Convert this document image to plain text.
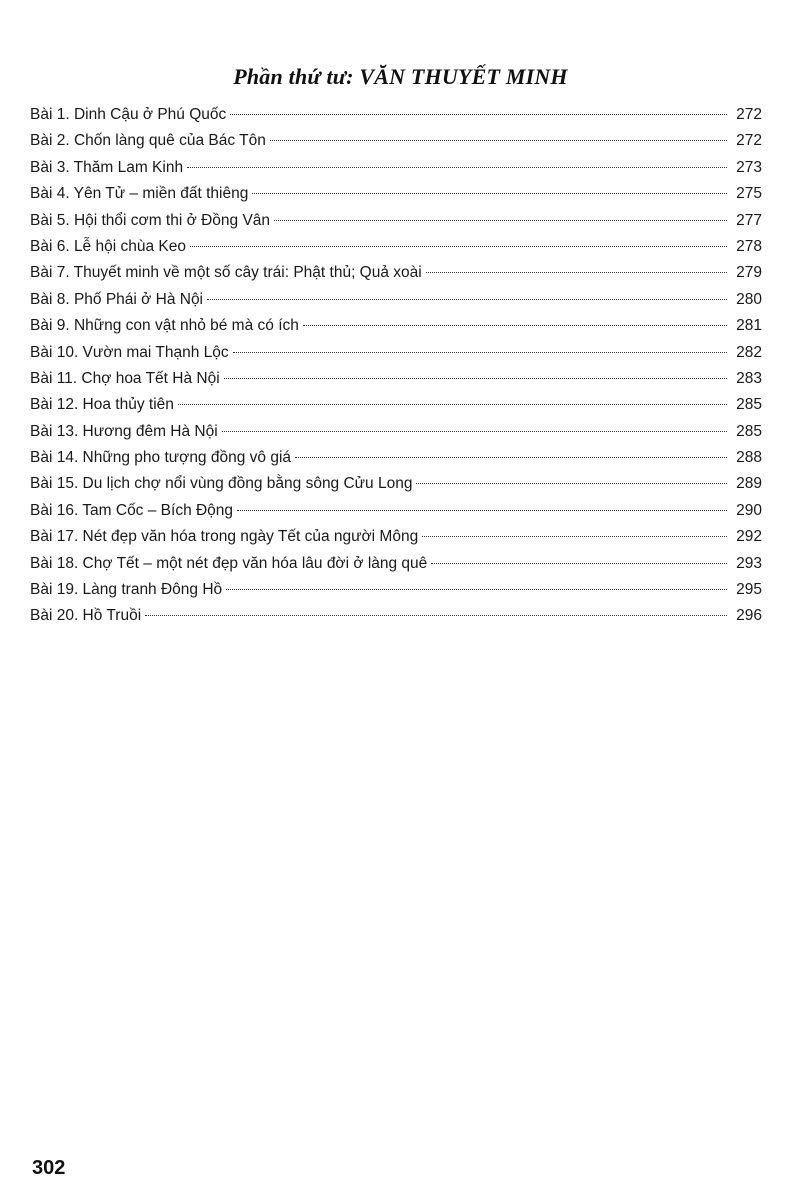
Phần thứ tư: VĂN THUYẾT MINH
Bài 1. Dinh Cậu ở Phú Quốc	272
Bài 2. Chốn làng quê của Bác Tôn	272
Bài 3. Thăm Lam Kinh	273
Bài 4. Yên Tử – miền đất thiêng	275
Bài 5. Hội thổi cơm thi ở Đồng Vân	277
Bài 6. Lễ hội chùa Keo	278
Bài 7. Thuyết minh về một số cây trái: Phật thủ; Quả xoài	279
Bài 8. Phố Phái ở Hà Nội	280
Bài 9. Những con vật nhỏ bé mà có ích	281
Bài 10. Vườn mai Thạnh Lộc	282
Bài 11. Chợ hoa Tết Hà Nội	283
Bài 12. Hoa thủy tiên	285
Bài 13. Hương đêm Hà Nội	285
Bài 14. Những pho tượng đồng vô giá	288
Bài 15. Du lịch chợ nổi vùng đồng bằng sông Cửu Long	289
Bài 16. Tam Cốc – Bích Động	290
Bài 17. Nét đẹp văn hóa trong ngày Tết của người Mông	292
Bài 18. Chợ Tết – một nét đẹp văn hóa lâu đời ở làng quê	293
Bài 19. Làng tranh Đông Hồ	295
Bài 20. Hồ Truồi	296
302
